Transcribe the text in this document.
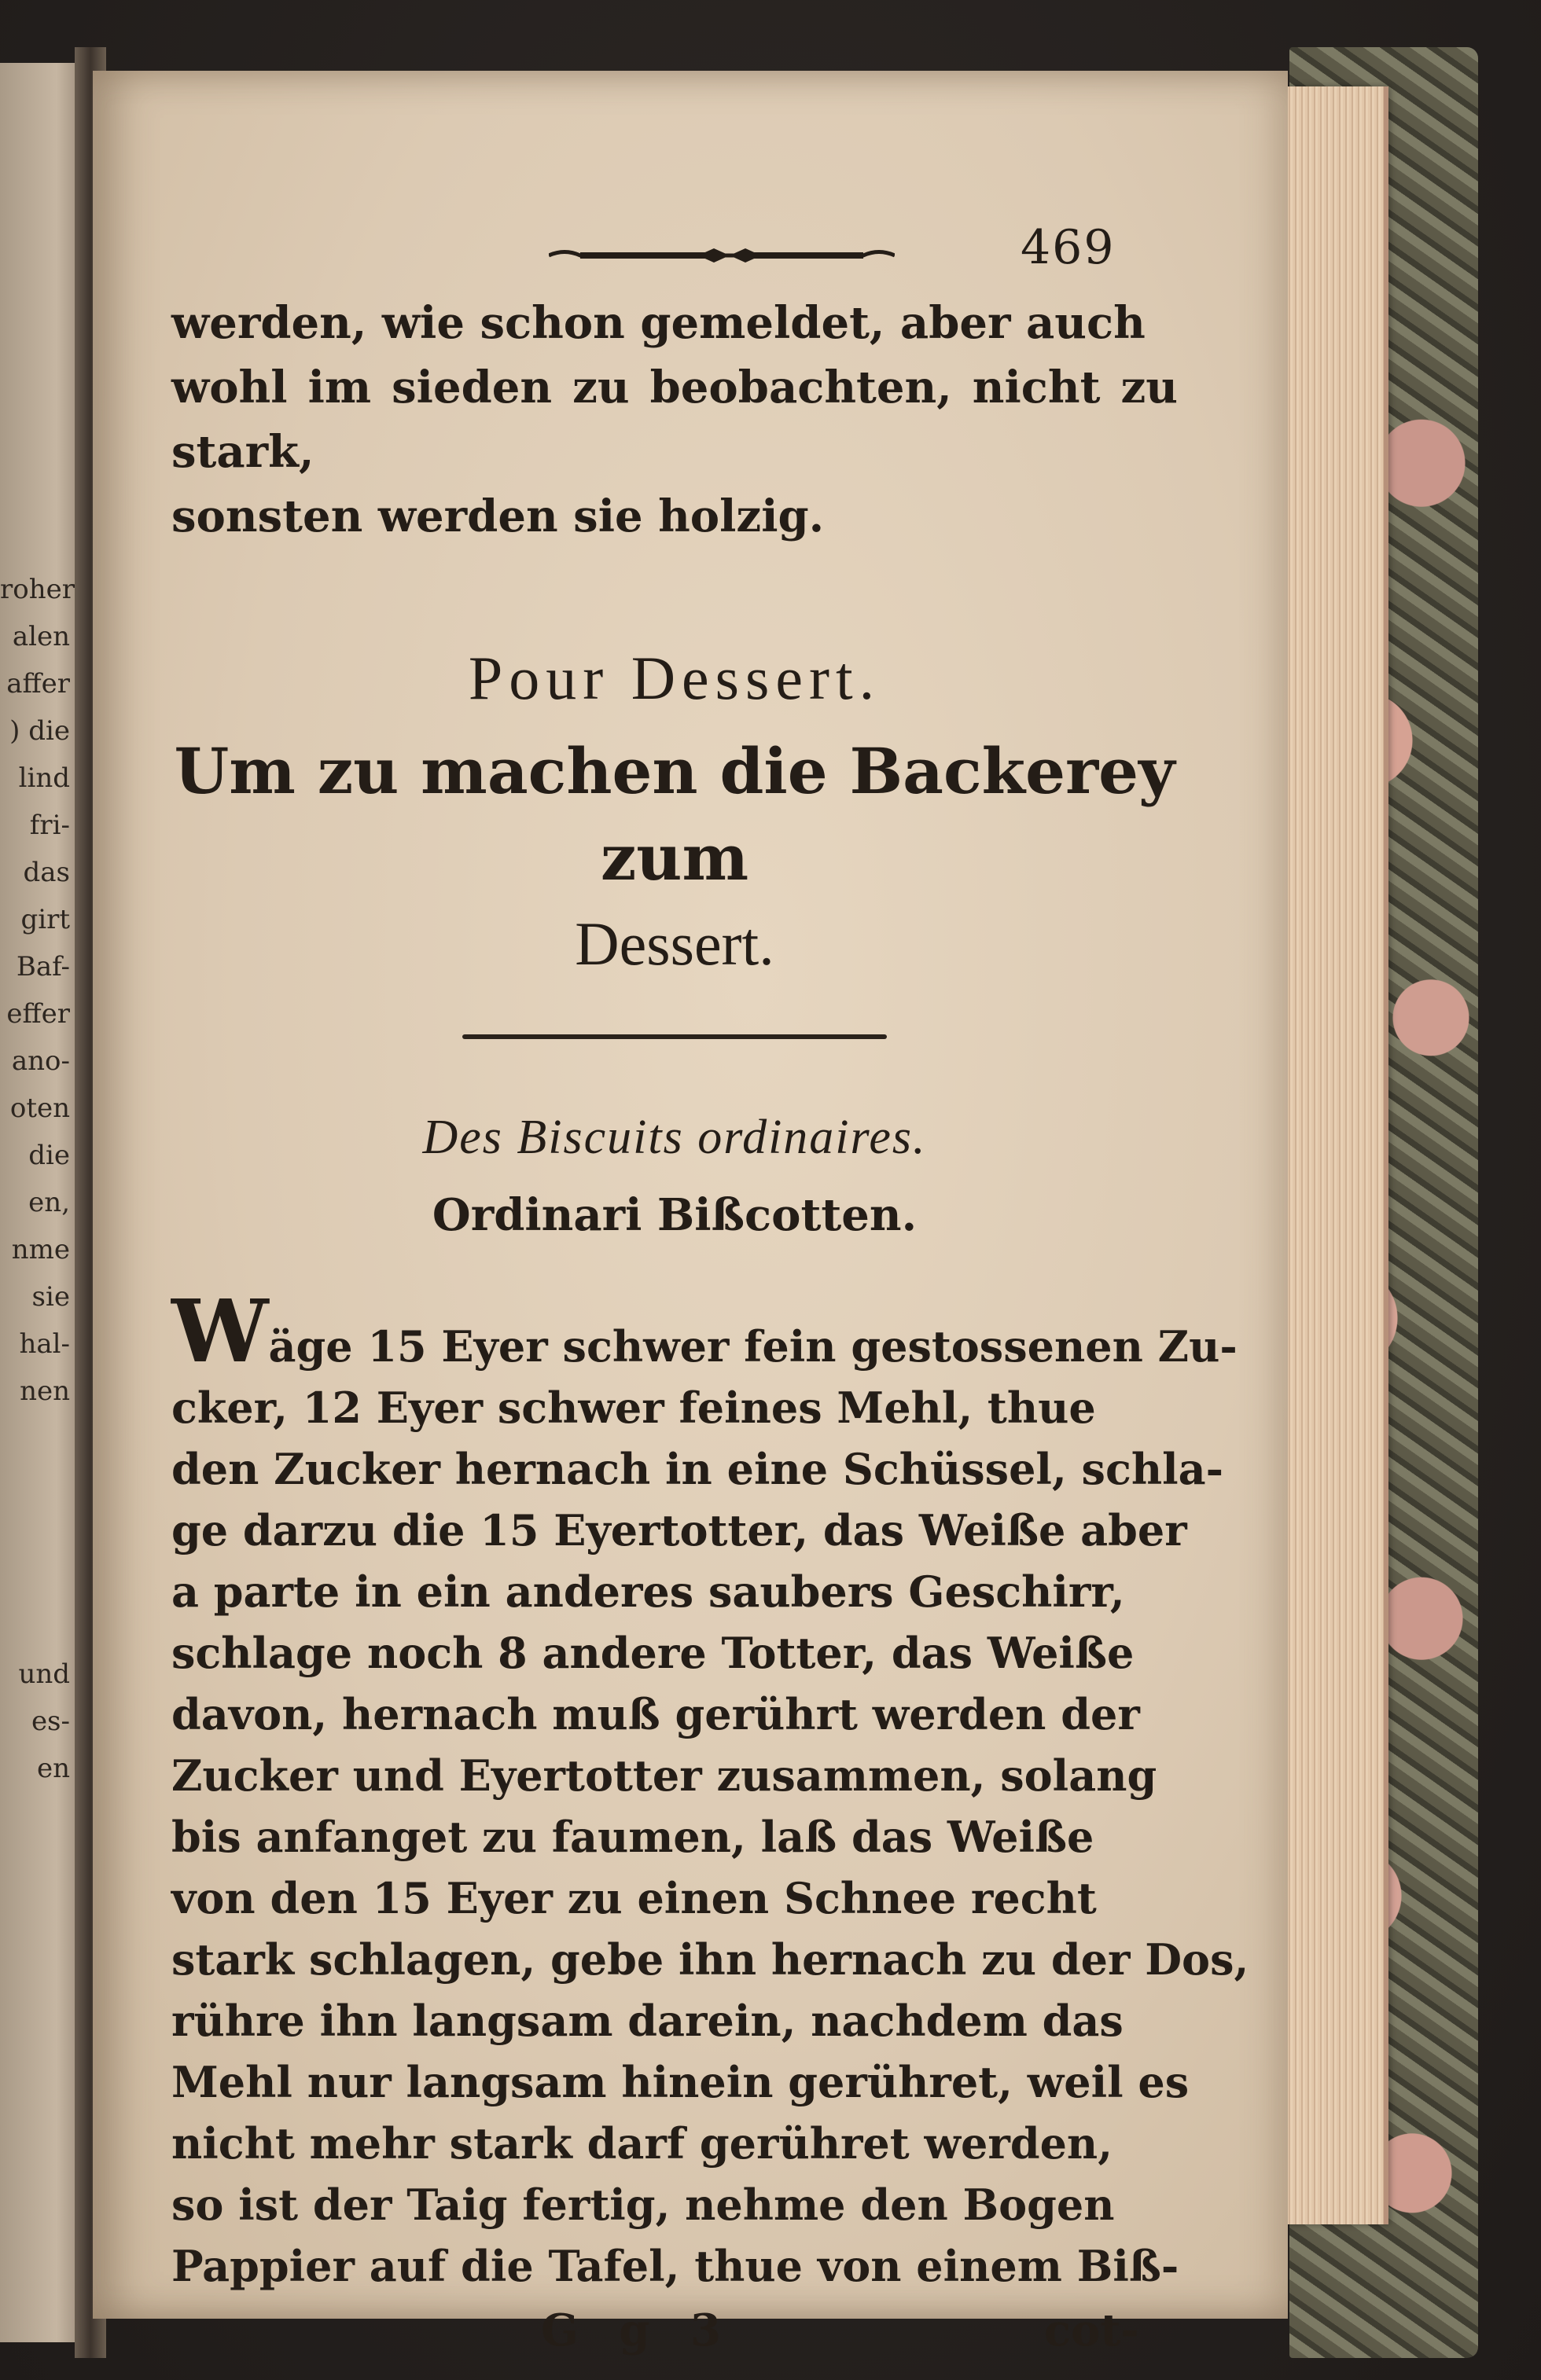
roher
alen
affer
) die
lind
fri-
das
girt
Baf-
effer
ano-
oten
die
en,
nme
sie
hal-
nen

und
es-
en
469
werden, wie schon gemeldet, aber auch
wohl im sieden zu beobachten, nicht zu stark,
sonsten werden sie holzig.
Pour Dessert.
Um zu machen die Backerey zum
Dessert.
Des Biscuits ordinaires.
Ordinari Bißcotten.
Wäge 15 Eyer schwer fein gestossenen Zu-
cker, 12 Eyer schwer feines Mehl, thue
den Zucker hernach in eine Schüssel, schla-
ge darzu die 15 Eyertotter, das Weiße aber
a parte in ein anderes saubers Geschirr,
schlage noch 8 andere Totter, das Weiße
davon, hernach muß gerührt werden der
Zucker und Eyertotter zusammen, solang
bis anfanget zu faumen, laß das Weiße
von den 15 Eyer zu einen Schnee recht
stark schlagen, gebe ihn hernach zu der Dos,
rühre ihn langsam darein, nachdem das
Mehl nur langsam hinein gerühret, weil es
nicht mehr stark darf gerühret werden,
so ist der Taig fertig, nehme den Bogen
Pappier auf die Tafel, thue von einem Biß-
G g 3	cot-
